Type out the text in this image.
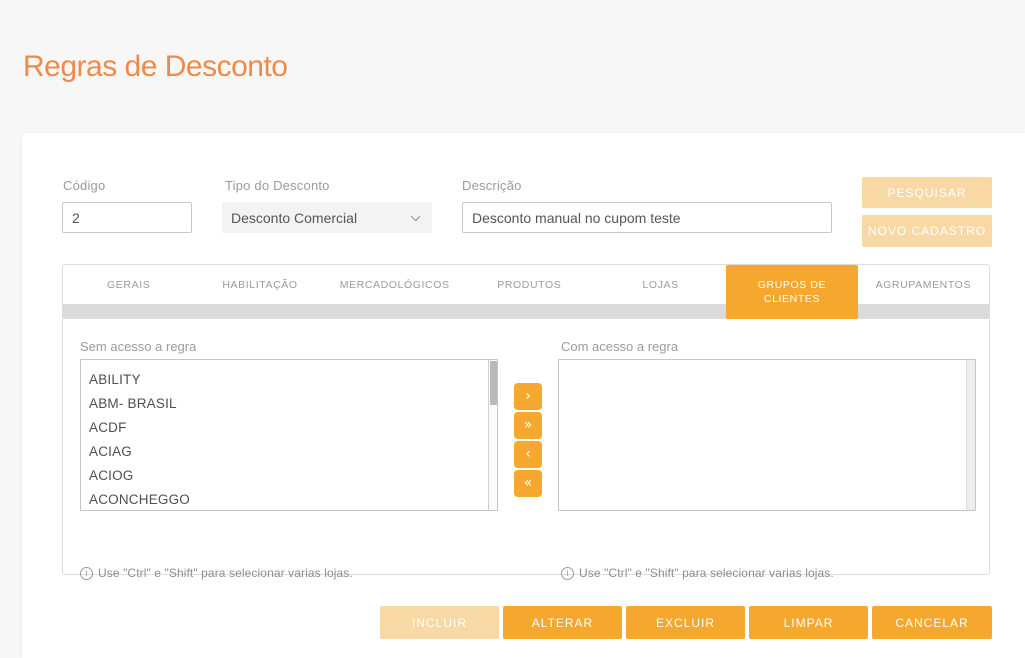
Regras de Desconto
Código
2	Tipo do Desconto
Desconto Comercial
Descrição
Desconto manual no cupom teste	PESQUISAR
NOVO CADASTRO
GERAIS	HABILITAÇÃO	MERCADOLÓGICOS	PRODUTOS	LOJAS	GRUPOS DE CLIENTES
AGRUPAMENTOS
Sem acesso a regra
ABILITY
ABM- BRASIL
ACDF
ACIAG
ACIOG
ACONCHEGGO
›
»
‹
«
Com acesso a regra
i Use "Ctrl" e "Shift" para selecionar varias lojas.	i Use "Ctrl" e "Shift" para selecionar varias lojas.
INCLUIR	ALTERAR	EXCLUIR	LIMPAR	CANCELAR
